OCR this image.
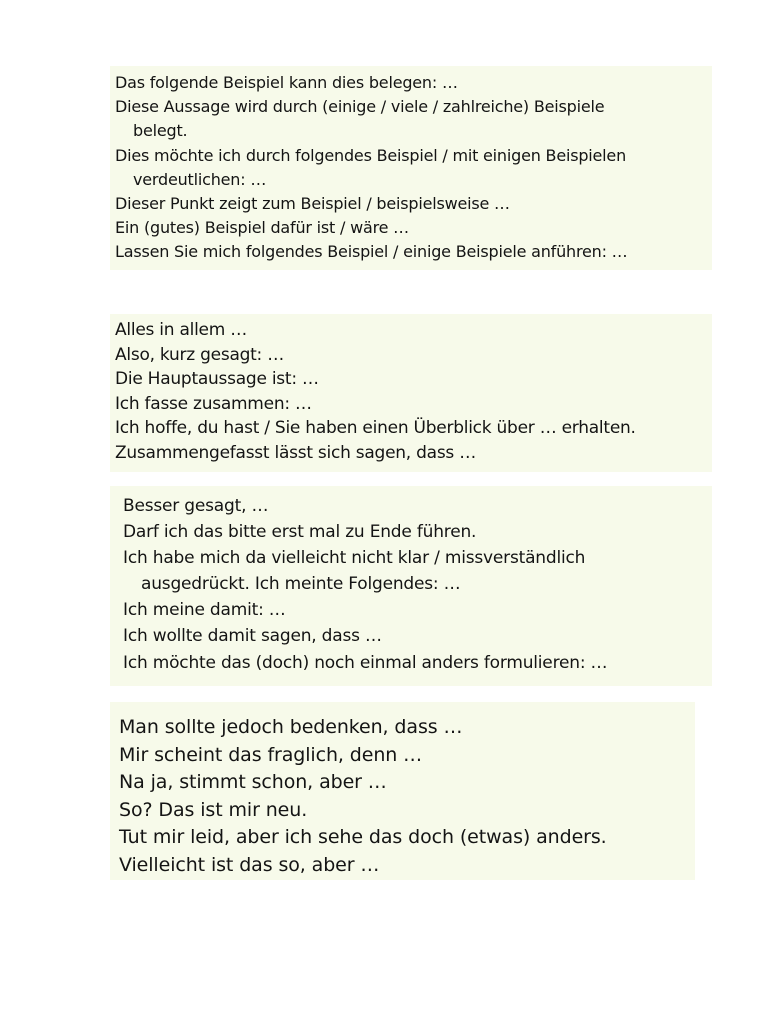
Das folgende Beispiel kann dies belegen: …
Diese Aussage wird durch (einige / viele / zahlreiche) Beispiele
belegt.
Dies möchte ich durch folgendes Beispiel / mit einigen Beispielen
verdeutlichen: …
Dieser Punkt zeigt zum Beispiel / beispielsweise …
Ein (gutes) Beispiel dafür ist / wäre …
Lassen Sie mich folgendes Beispiel / einige Beispiele anführen: …
Alles in allem …
Also, kurz gesagt: …
Die Hauptaussage ist: …
Ich fasse zusammen: …
Ich hoffe, du hast / Sie haben einen Überblick über … erhalten.
Zusammengefasst lässt sich sagen, dass …
Besser gesagt, …
Darf ich das bitte erst mal zu Ende führen.
Ich habe mich da vielleicht nicht klar / missverständlich
ausgedrückt. Ich meinte Folgendes: …
Ich meine damit: …
Ich wollte damit sagen, dass …
Ich möchte das (doch) noch einmal anders formulieren: …
Man sollte jedoch bedenken, dass …
Mir scheint das fraglich, denn …
Na ja, stimmt schon, aber …
So? Das ist mir neu.
Tut mir leid, aber ich sehe das doch (etwas) anders.
Vielleicht ist das so, aber …
